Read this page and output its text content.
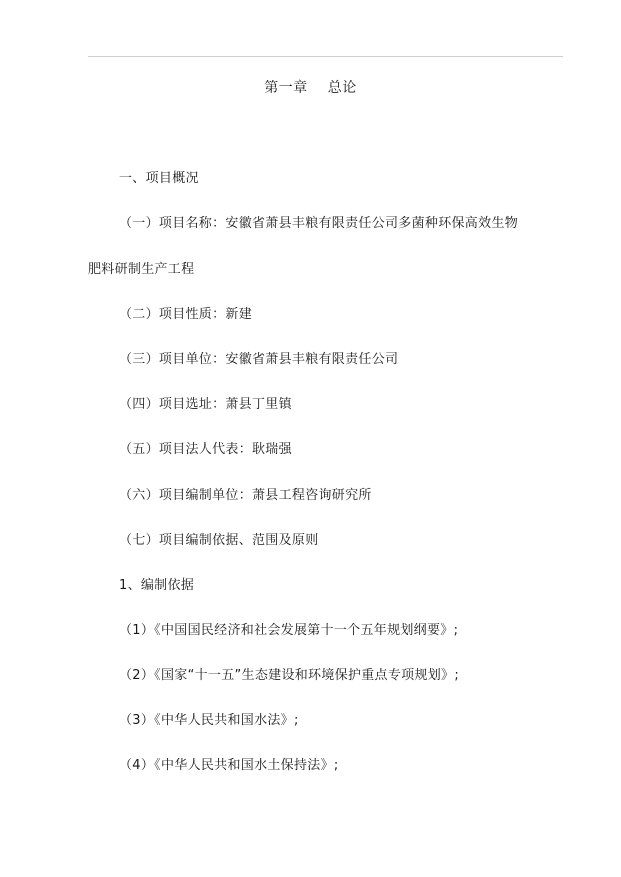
第一章 总论
一、项目概况
（一）项目名称：安徽省萧县丰粮有限责任公司多菌种环保高效生物
肥料研制生产工程
（二）项目性质：新建
（三）项目单位：安徽省萧县丰粮有限责任公司
（四）项目选址：萧县丁里镇
（五）项目法人代表：耿瑞强
（六）项目编制单位：萧县工程咨询研究所
（七）项目编制依据、范围及原则
1、编制依据
（1）《中国国民经济和社会发展第十一个五年规划纲要》;
（2）《国家“十一五”生态建设和环境保护重点专项规划》;
（3）《中华人民共和国水法》;
（4）《中华人民共和国水土保持法》;
